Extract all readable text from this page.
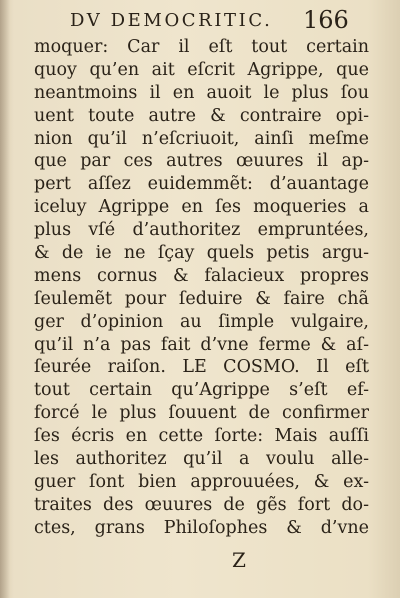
DV DEMOCRITIC. 166
moquer: Car il eſt tout certain
quoy qu’en ait eſcrit Agrippe, que
neantmoins il en auoit le plus ſou
uent toute autre & contraire opi-
nion qu’il n’eſcriuoit, ainſi meſme
que par ces autres œuures il ap-
pert aſſez euidemmẽt: d’auantage
iceluy Agrippe en ſes moqueries a
plus vſé d’authoritez empruntées,
& de ie ne ſçay quels petis argu-
mens cornus & falacieux propres
ſeulemẽt pour ſeduire & faire chã
ger d’opinion au ſimple vulgaire,
qu’il n’a pas fait d’vne ferme & aſ-
ſeurée raiſon. LE COSMO. Il eſt
tout certain qu’Agrippe s’eſt ef-
forcé le plus ſouuent de confirmer
ſes écris en cette ſorte: Mais auſſi
les authoritez qu’il a voulu alle-
guer ſont bien approuuées, & ex-
traites des œuures de gẽs fort do-
ctes, grans Philoſophes & d’vne
Z
